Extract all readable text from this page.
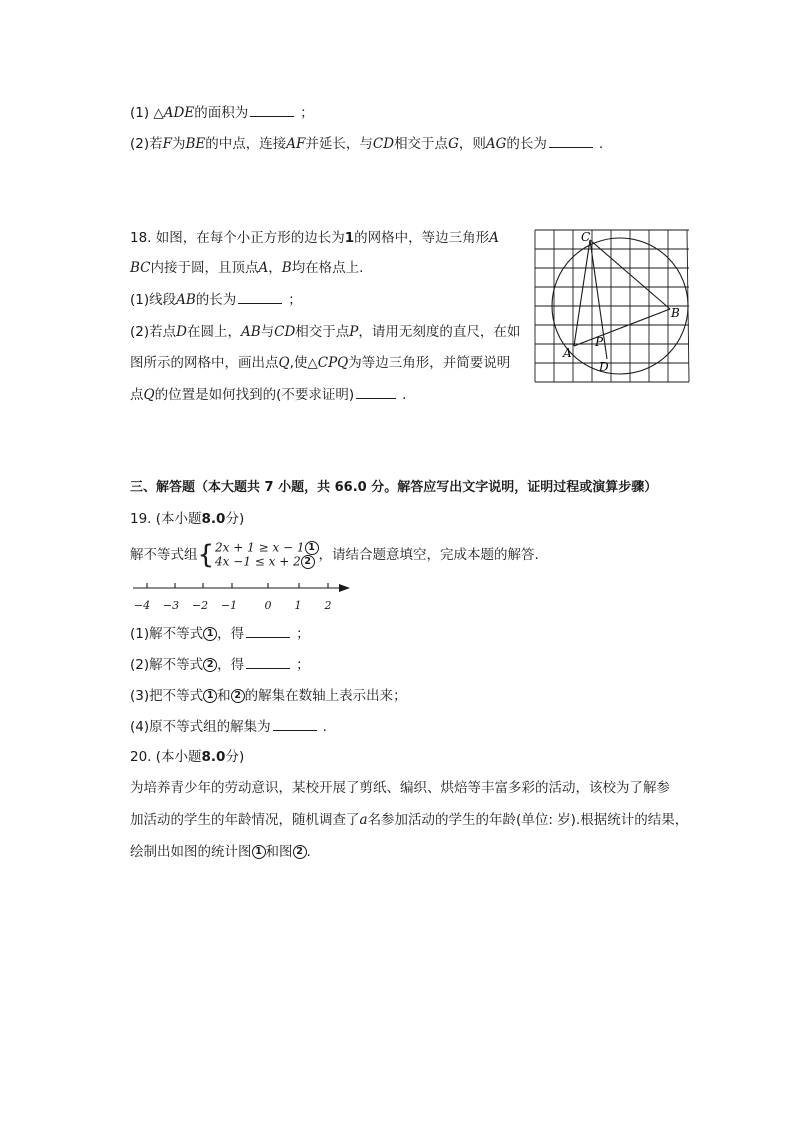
(1) △ADE的面积为	；
(2)若F为BE的中点，连接AF并延长，与CD相交于点G，则AG的长为	.
18. 如图，在每个小正方形的边长为1的网格中，等边三角形A
BC内接于圆，且顶点A，B均在格点上.
(1)线段AB的长为	；
(2)若点D在圆上，AB与CD相交于点P，请用无刻度的直尺，在如
图所示的网格中，画出点Q,使△CPQ为等边三角形，并简要说明
点Q的位置是如何找到的(不要求证明)	.
C
B
A
P
D
三、解答题（本大题共 7 小题，共 66.0 分。解答应写出文字说明，证明过程或演算步骤）
19. (本小题8.0分)
解不等式组{2x + 1 ≥ x − 1 1
4x −1 ≤ x + 2 2 ，请结合题意填空，完成本题的解答.
−4 −3 −2 −1 0 1 2
(1)解不等式 1 ，得	；
(2)解不等式 2 ，得	；
(3)把不等式 1 和 2 的解集在数轴上表示出来；
(4)原不等式组的解集为	.
20. (本小题8.0分)
为培养青少年的劳动意识，某校开展了剪纸、编织、烘焙等丰富多彩的活动，该校为了解参
加活动的学生的年龄情况，随机调查了a名参加活动的学生的年龄(单位: 岁).根据统计的结果，
绘制出如图的统计图 1 和图 2 .
